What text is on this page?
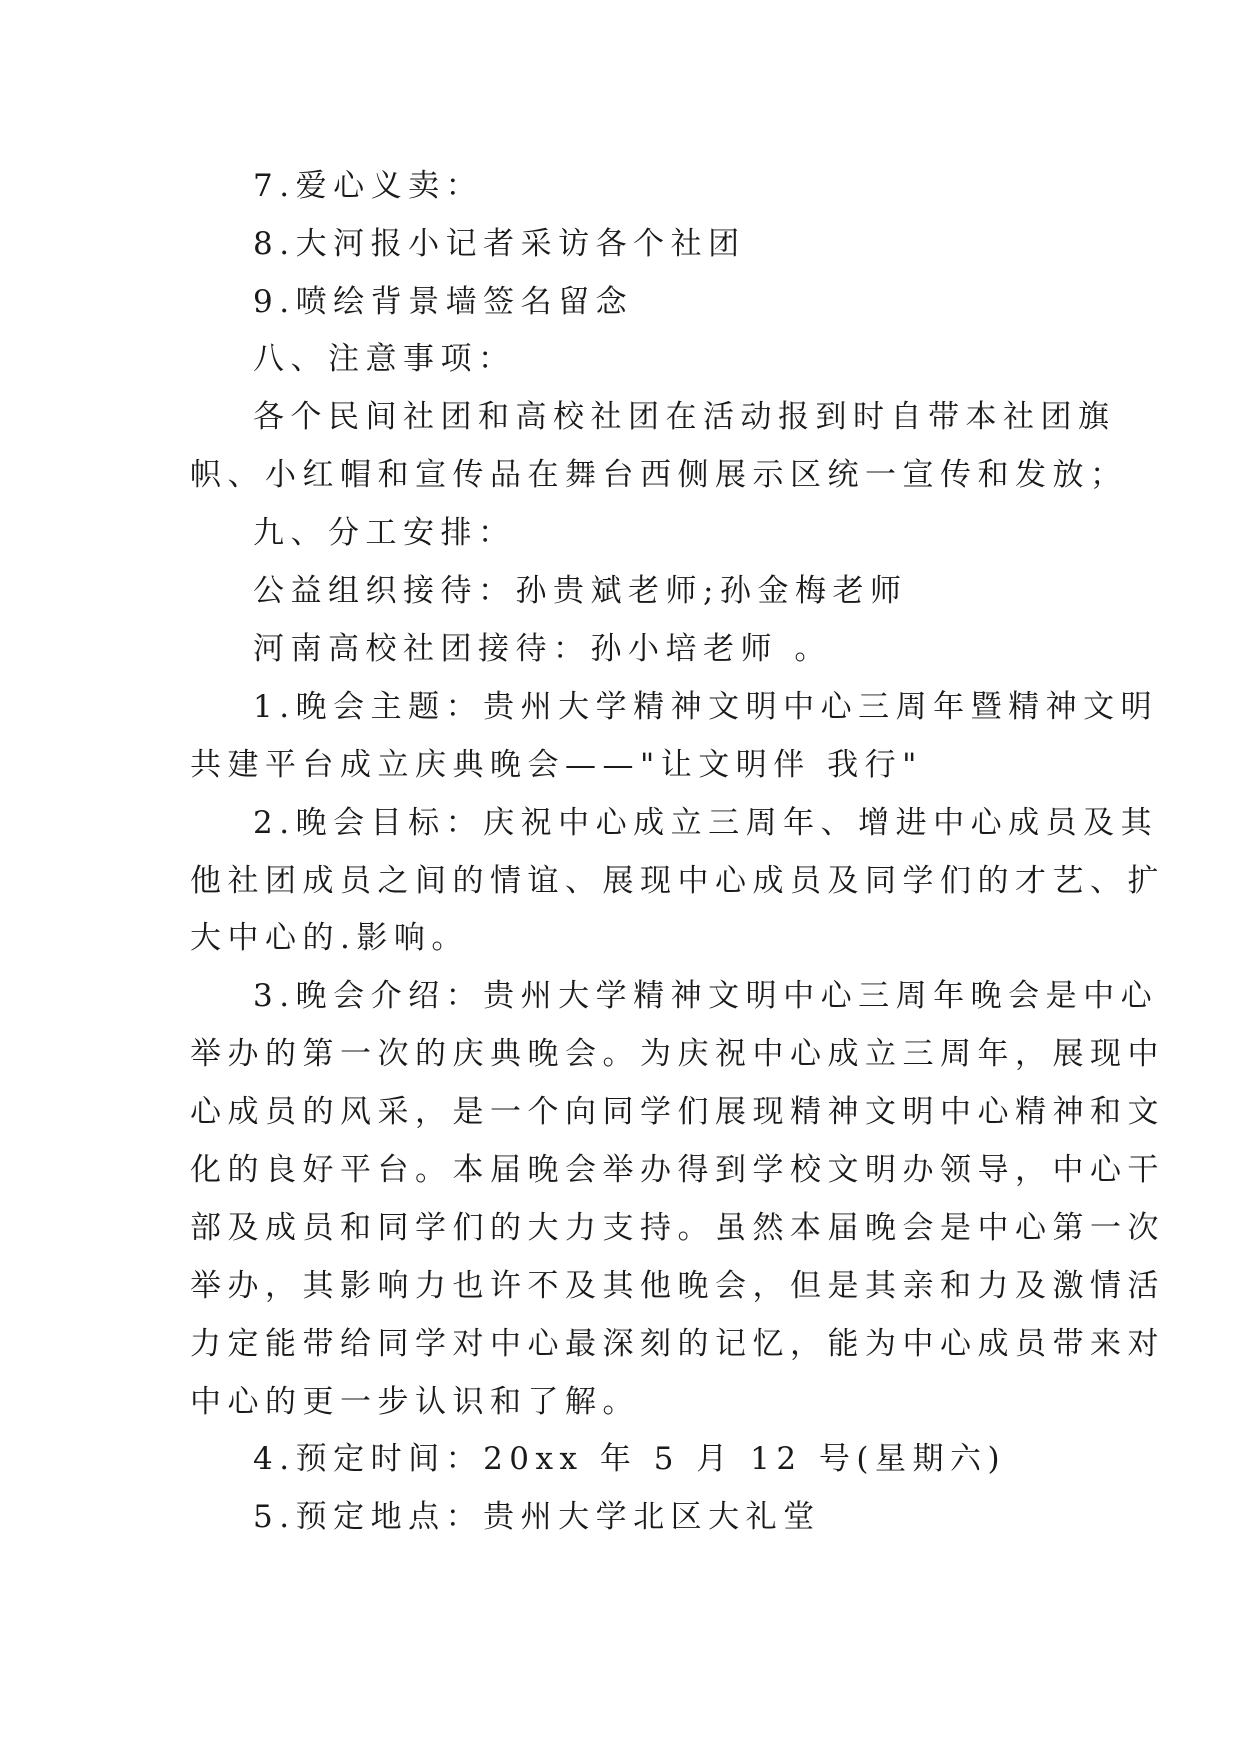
7.爱心义卖：
8.大河报小记者采访各个社团
9.喷绘背景墙签名留念
八、注意事项：
各个民间社团和高校社团在活动报到时自带本社团旗
帜、小红帽和宣传品在舞台西侧展示区统一宣传和发放；
九、分工安排：
公益组织接待：孙贵斌老师;孙金梅老师
河南高校社团接待：孙小培老师 。
1.晚会主题：贵州大学精神文明中心三周年暨精神文明
共建平台成立庆典晚会——"让文明伴 我行"
2.晚会目标：庆祝中心成立三周年、增进中心成员及其
他社团成员之间的情谊、展现中心成员及同学们的才艺、扩
大中心的.影响。
3.晚会介绍：贵州大学精神文明中心三周年晚会是中心
举办的第一次的庆典晚会。为庆祝中心成立三周年，展现中
心成员的风采，是一个向同学们展现精神文明中心精神和文
化的良好平台。本届晚会举办得到学校文明办领导，中心干
部及成员和同学们的大力支持。虽然本届晚会是中心第一次
举办，其影响力也许不及其他晚会，但是其亲和力及激情活
力定能带给同学对中心最深刻的记忆，能为中心成员带来对
中心的更一步认识和了解。
4.预定时间：20xx 年 5 月 12 号(星期六)
5.预定地点：贵州大学北区大礼堂
